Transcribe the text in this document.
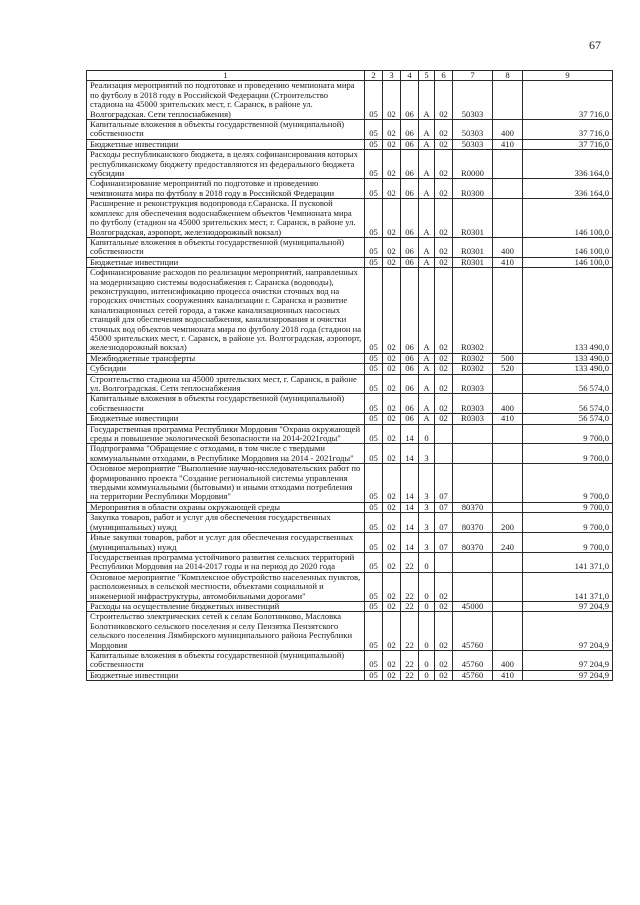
67
1	2	3	4	5	6	7	8	9
Реализация мероприятий по подготовке и проведению чемпионата мира по футболу в 2018 году в Российской Федерации (Строительство стадиона на 45000 зрительских мест, г. Саранск, в районе ул. Волгоградская. Сети теплоснабжения)	05	02	06	А	02	50303		37 716,0
Капитальные вложения в объекты государственной (муниципальной) собственности	05	02	06	А	02	50303	400	37 716,0
Бюджетные инвестиции	05	02	06	А	02	50303	410	37 716,0
Расходы республиканского бюджета, в целях софинансирования которых республиканскому бюджету предоставляются из федерального бюджета субсидии	05	02	06	А	02	R0000		336 164,0
Софинансирование мероприятий по подготовке и проведению чемпионата мира по футболу в 2018 году в Российской Федерации	05	02	06	А	02	R0300		336 164,0
Расширение и реконструкция водопровода г.Саранска. II пусковой комплекс для обеспечения водоснабжением объектов Чемпионата мира по футболу (стадион на 45000 зрительских мест, г. Саранск, в районе ул. Волгоградская, аэропорт, железнодорожный вокзал)	05	02	06	А	02	R0301		146 100,0
Капитальные вложения в объекты государственной (муниципальной) собственности	05	02	06	А	02	R0301	400	146 100,0
Бюджетные инвестиции	05	02	06	А	02	R0301	410	146 100,0
Софинансирование расходов по реализации мероприятий, направленных на модернизацию системы водоснабжения г. Саранска (водоводы), реконструкцию, интенсификацию процесса очистки сточных вод на городских очистных сооружениях канализации г. Саранска и развитие канализационных сетей города, а также канализационных насосных станций для обеспечения водоснабжения, канализирования и очистки сточных вод объектов чемпионата мира по футболу 2018 года (стадион на 45000 зрительских мест, г. Саранск, в районе ул. Волгоградская, аэропорт, железнодорожный вокзал)	05	02	06	А	02	R0302		133 490,0
Межбюджетные трансферты	05	02	06	А	02	R0302	500	133 490,0
Субсидии	05	02	06	А	02	R0302	520	133 490,0
Строительство стадиона на 45000 зрительских мест, г. Саранск, в районе ул. Волгоградская. Сети теплоснабжения	05	02	06	А	02	R0303		56 574,0
Капитальные вложения в объекты государственной (муниципальной) собственности	05	02	06	А	02	R0303	400	56 574,0
Бюджетные инвестиции	05	02	06	А	02	R0303	410	56 574,0
Государственная программа Республики Мордовия "Охрана окружающей среды и повышение экологической безопасности на 2014-2021годы"	05	02	14	0				9 700,0
Подпрограмма "Обращение с отходами, в том числе с твердыми коммунальными отходами, в Республике Мордовия на 2014 - 2021годы"	05	02	14	3				9 700,0
Основное мероприятие "Выполнение научно-исследовательских работ по формированию проекта "Создание региональной системы управления твердыми коммунальными (бытовыми) и иными отходами потребления на территории Республики Мордовия"	05	02	14	3	07			9 700,0
Мероприятия в области охраны окружающей среды	05	02	14	3	07	80370		9 700,0
Закупка товаров, работ и услуг для обеспечения государственных (муниципальных) нужд	05	02	14	3	07	80370	200	9 700,0
Иные закупки товаров, работ и услуг для обеспечения государственных (муниципальных) нужд	05	02	14	3	07	80370	240	9 700,0
Государственная программа устойчивого развития сельских территорий Республики Мордовия на 2014-2017 годы и на период до 2020 года	05	02	22	0				141 371,0
Основное мероприятие "Комплексное обустройство населенных пунктов, расположенных в сельской местности, объектами социальной и инженерной инфраструктуры, автомобильными дорогами"	05	02	22	0	02			141 371,0
Расходы на осуществление бюджетных инвестиций	05	02	22	0	02	45000		97 204,9
Строительство электрических сетей к селам Болотниково, Масловка Болотниковского сельского поселения и селу Пензятка Пензятского сельского поселения Лямбирского муниципального района Республики Мордовия	05	02	22	0	02	45760		97 204,9
Капитальные вложения в объекты государственной (муниципальной) собственности	05	02	22	0	02	45760	400	97 204,9
Бюджетные инвестиции	05	02	22	0	02	45760	410	97 204,9
